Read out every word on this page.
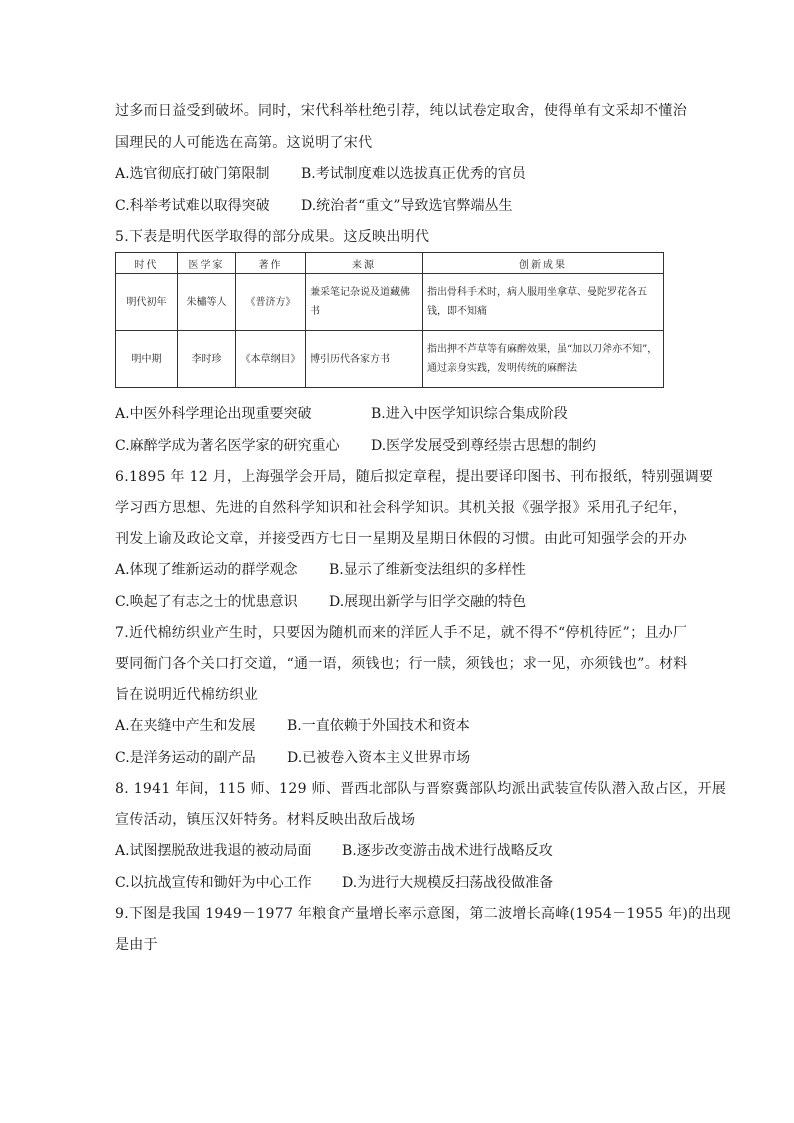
过多而日益受到破坏。同时，宋代科举杜绝引荐，纯以试卷定取舍，使得单有文采却不懂治
国理民的人可能选在高第。这说明了宋代
A.选官彻底打破门第限制 B.考试制度难以选拔真正优秀的官员
C.科举考试难以取得突破 D.统治者“重文”导致选官弊端丛生
5.下表是明代医学取得的部分成果。这反映出明代
时代	医学家	著作	来源	创新成果
明代初年	朱橚等人	《普济方》	兼采笔记杂说及道藏佛书	指出骨科手术时，病人服用坐拿草、曼陀罗花各五钱，即不知痛
明中期	李时珍	《本草纲目》	博引历代各家方书	指出押不芦草等有麻醉效果，虽“加以刀斧亦不知”，通过亲身实践，发明传统的麻醉法
A.中医外科学理论出现重要突破	B.进入中医学知识综合集成阶段
C.麻醉学成为著名医学家的研究重心 D.医学发展受到尊经崇古思想的制约
6.1895 年 12 月，上海强学会开局，随后拟定章程，提出要译印图书、刊布报纸，特别强调要
学习西方思想、先进的自然科学知识和社会科学知识。其机关报《强学报》采用孔子纪年，
刊发上谕及政论文章，并接受西方七日一星期及星期日休假的习惯。由此可知强学会的开办
A.体现了维新运动的群学观念 B.显示了维新变法组织的多样性
C.唤起了有志之士的忧患意识 D.展现出新学与旧学交融的特色
7.近代棉纺织业产生时，只要因为随机而来的洋匠人手不足，就不得不“停机待匠”；且办厂
要同衙门各个关口打交道，“通一语，须钱也；行一牍，须钱也；求一见，亦须钱也”。材料
旨在说明近代棉纺织业
A.在夹缝中产生和发展 B.一直依赖于外国技术和资本
C.是洋务运动的副产品 D.已被卷入资本主义世界市场
8. 1941 年间，115 师、129 师、晋西北部队与晋察冀部队均派出武装宣传队潜入敌占区，开展
宣传活动，镇压汉奸特务。材料反映出敌后战场
A.试图摆脱敌进我退的被动局面 B.逐步改变游击战术进行战略反攻
C.以抗战宣传和锄奸为中心工作 D.为进行大规模反扫荡战役做准备
9.下图是我国 1949－1977 年粮食产量增长率示意图，第二波增长高峰(1954－1955 年)的出现
是由于
